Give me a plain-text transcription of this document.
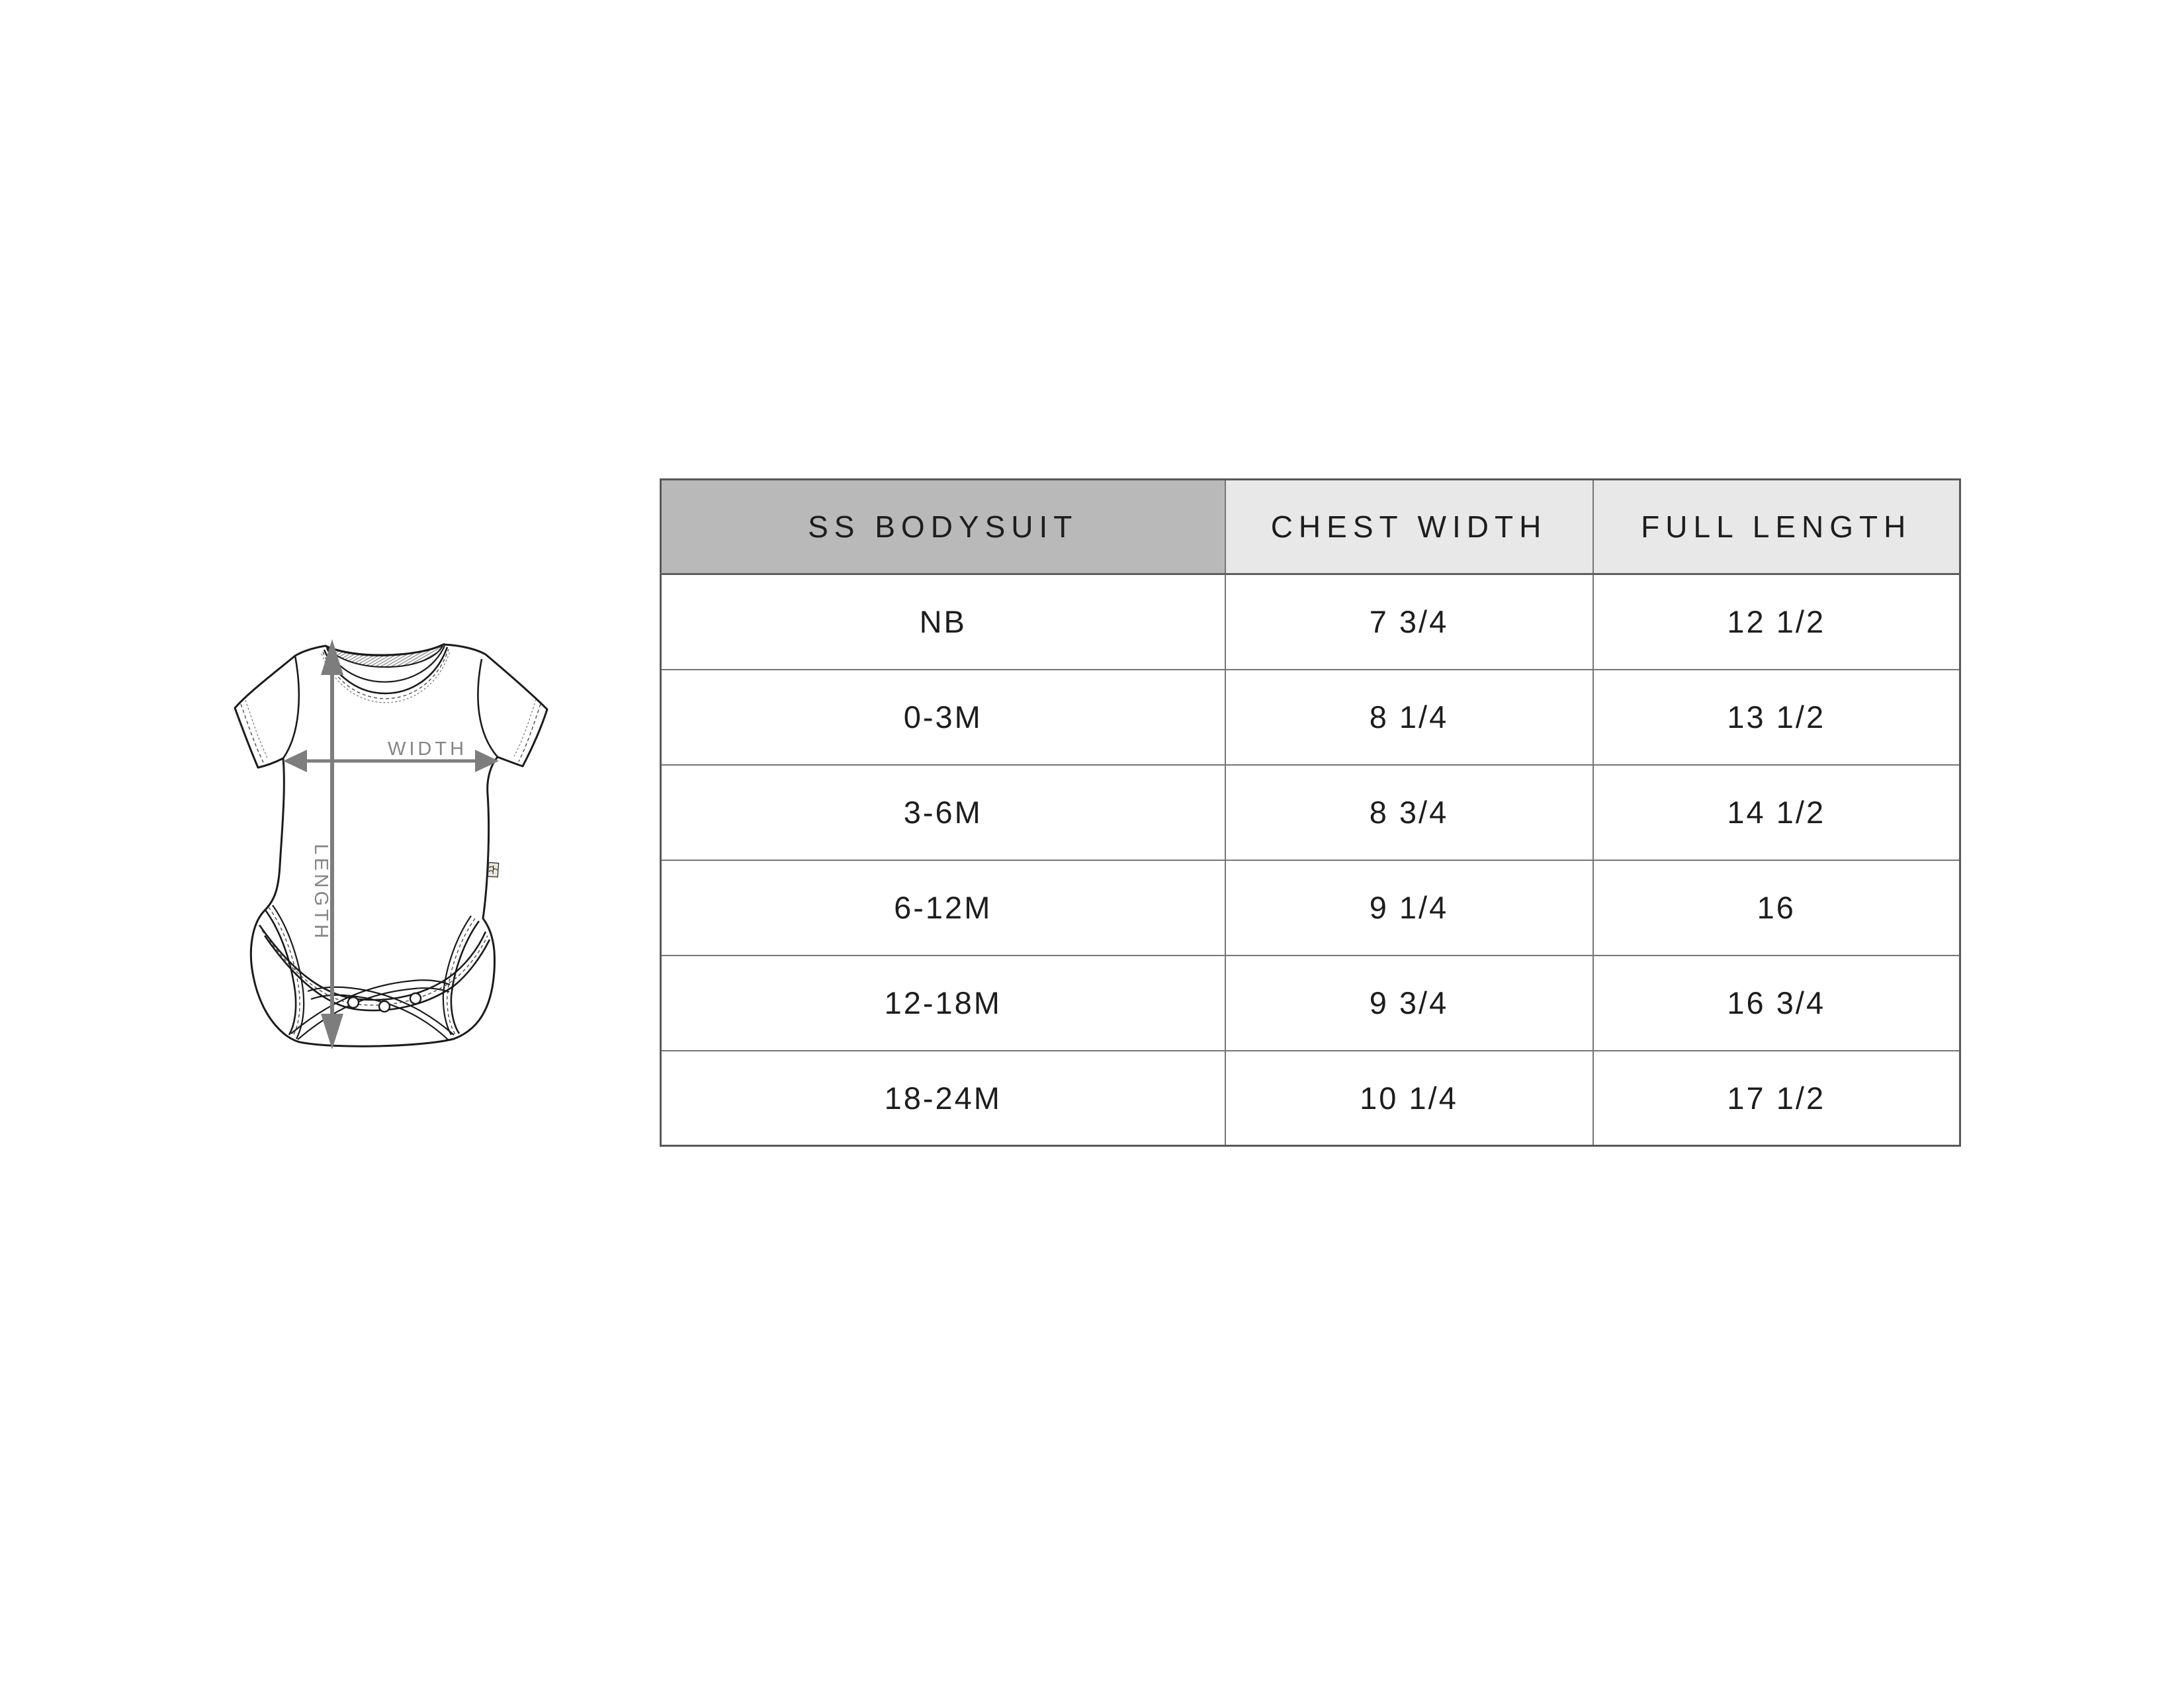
WIDTH
LENGTH
SS BODYSUIT	CHEST WIDTH	FULL LENGTH
NB	7 3/4	12 1/2
0-3M	8 1/4	13 1/2
3-6M	8 3/4	14 1/2
6-12M	9 1/4	16
12-18M	9 3/4	16 3/4
18-24M	10 1/4	17 1/2
